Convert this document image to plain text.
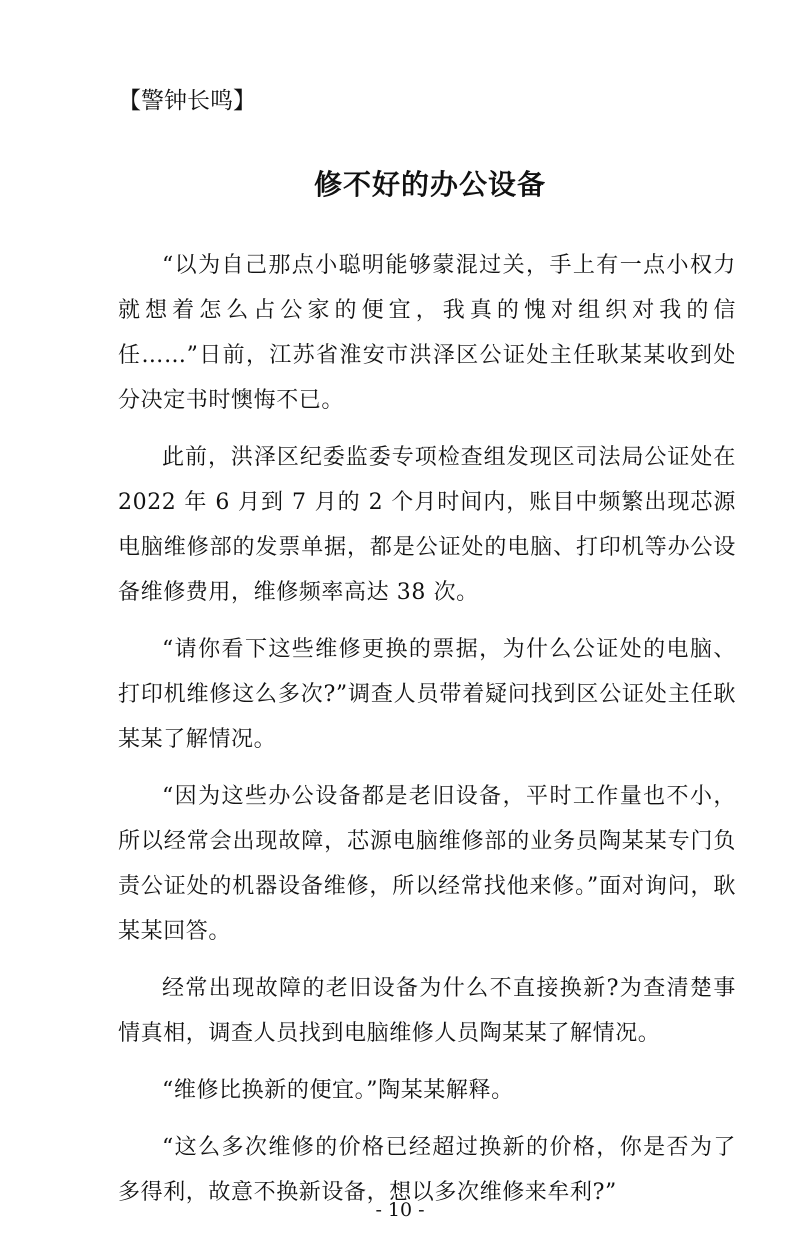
【警钟长鸣】
修不好的办公设备

“以为自己那点小聪明能够蒙混过关，手上有一点小权力就想着怎么占公家的便宜，我真的愧对组织对我的信任……”日前，江苏省淮安市洪泽区公证处主任耿某某收到处分决定书时懊悔不已。

此前，洪泽区纪委监委专项检查组发现区司法局公证处在 2022 年 6 月到 7 月的 2 个月时间内，账目中频繁出现芯源电脑维修部的发票单据，都是公证处的电脑、打印机等办公设备维修费用，维修频率高达 38 次。

“请你看下这些维修更换的票据，为什么公证处的电脑、打印机维修这么多次?”调查人员带着疑问找到区公证处主任耿某某了解情况。

“因为这些办公设备都是老旧设备，平时工作量也不小，所以经常会出现故障，芯源电脑维修部的业务员陶某某专门负责公证处的机器设备维修，所以经常找他来修。”面对询问，耿某某回答。

经常出现故障的老旧设备为什么不直接换新?为查清楚事情真相，调查人员找到电脑维修人员陶某某了解情况。

“维修比换新的便宜。”陶某某解释。

“这么多次维修的价格已经超过换新的价格，你是否为了多得利，故意不换新设备，想以多次维修来牟利?”

- 10 -
